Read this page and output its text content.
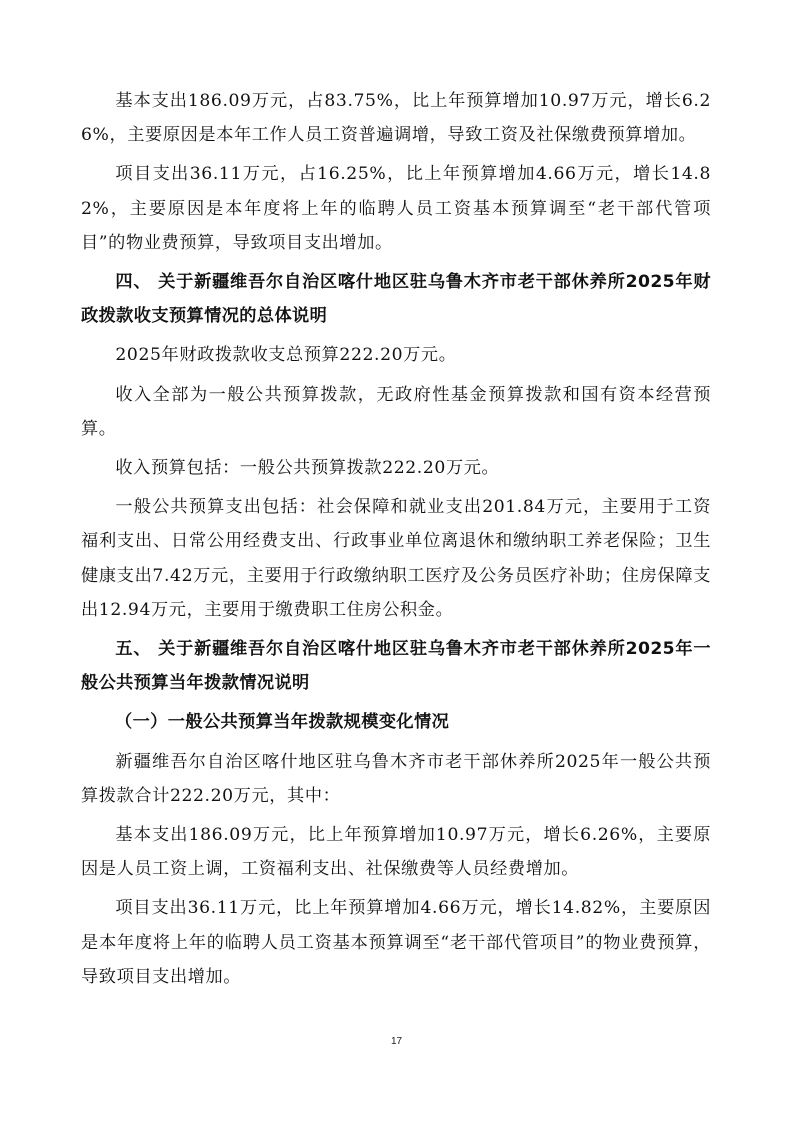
基本支出186.09万元，占83.75%，比上年预算增加10.97万元，增长6.26%，主要原因是本年工作人员工资普遍调增，导致工资及社保缴费预算增加。

项目支出36.11万元，占16.25%，比上年预算增加4.66万元，增长14.82%，主要原因是本年度将上年的临聘人员工资基本预算调至“老干部代管项目”的物业费预算，导致项目支出增加。

四、 关于新疆维吾尔自治区喀什地区驻乌鲁木齐市老干部休养所2025年财政拨款收支预算情况的总体说明

2025年财政拨款收支总预算222.20万元。

收入全部为一般公共预算拨款，无政府性基金预算拨款和国有资本经营预算。

收入预算包括：一般公共预算拨款222.20万元。

一般公共预算支出包括：社会保障和就业支出201.84万元，主要用于工资福利支出、日常公用经费支出、行政事业单位离退休和缴纳职工养老保险；卫生健康支出7.42万元，主要用于行政缴纳职工医疗及公务员医疗补助；住房保障支出12.94万元，主要用于缴费职工住房公积金。

五、 关于新疆维吾尔自治区喀什地区驻乌鲁木齐市老干部休养所2025年一般公共预算当年拨款情况说明

（一）一般公共预算当年拨款规模变化情况

新疆维吾尔自治区喀什地区驻乌鲁木齐市老干部休养所2025年一般公共预算拨款合计222.20万元，其中：

基本支出186.09万元，比上年预算增加10.97万元，增长6.26%，主要原因是人员工资上调，工资福利支出、社保缴费等人员经费增加。

项目支出36.11万元，比上年预算增加4.66万元，增长14.82%，主要原因是本年度将上年的临聘人员工资基本预算调至“老干部代管项目”的物业费预算，导致项目支出增加。

17
